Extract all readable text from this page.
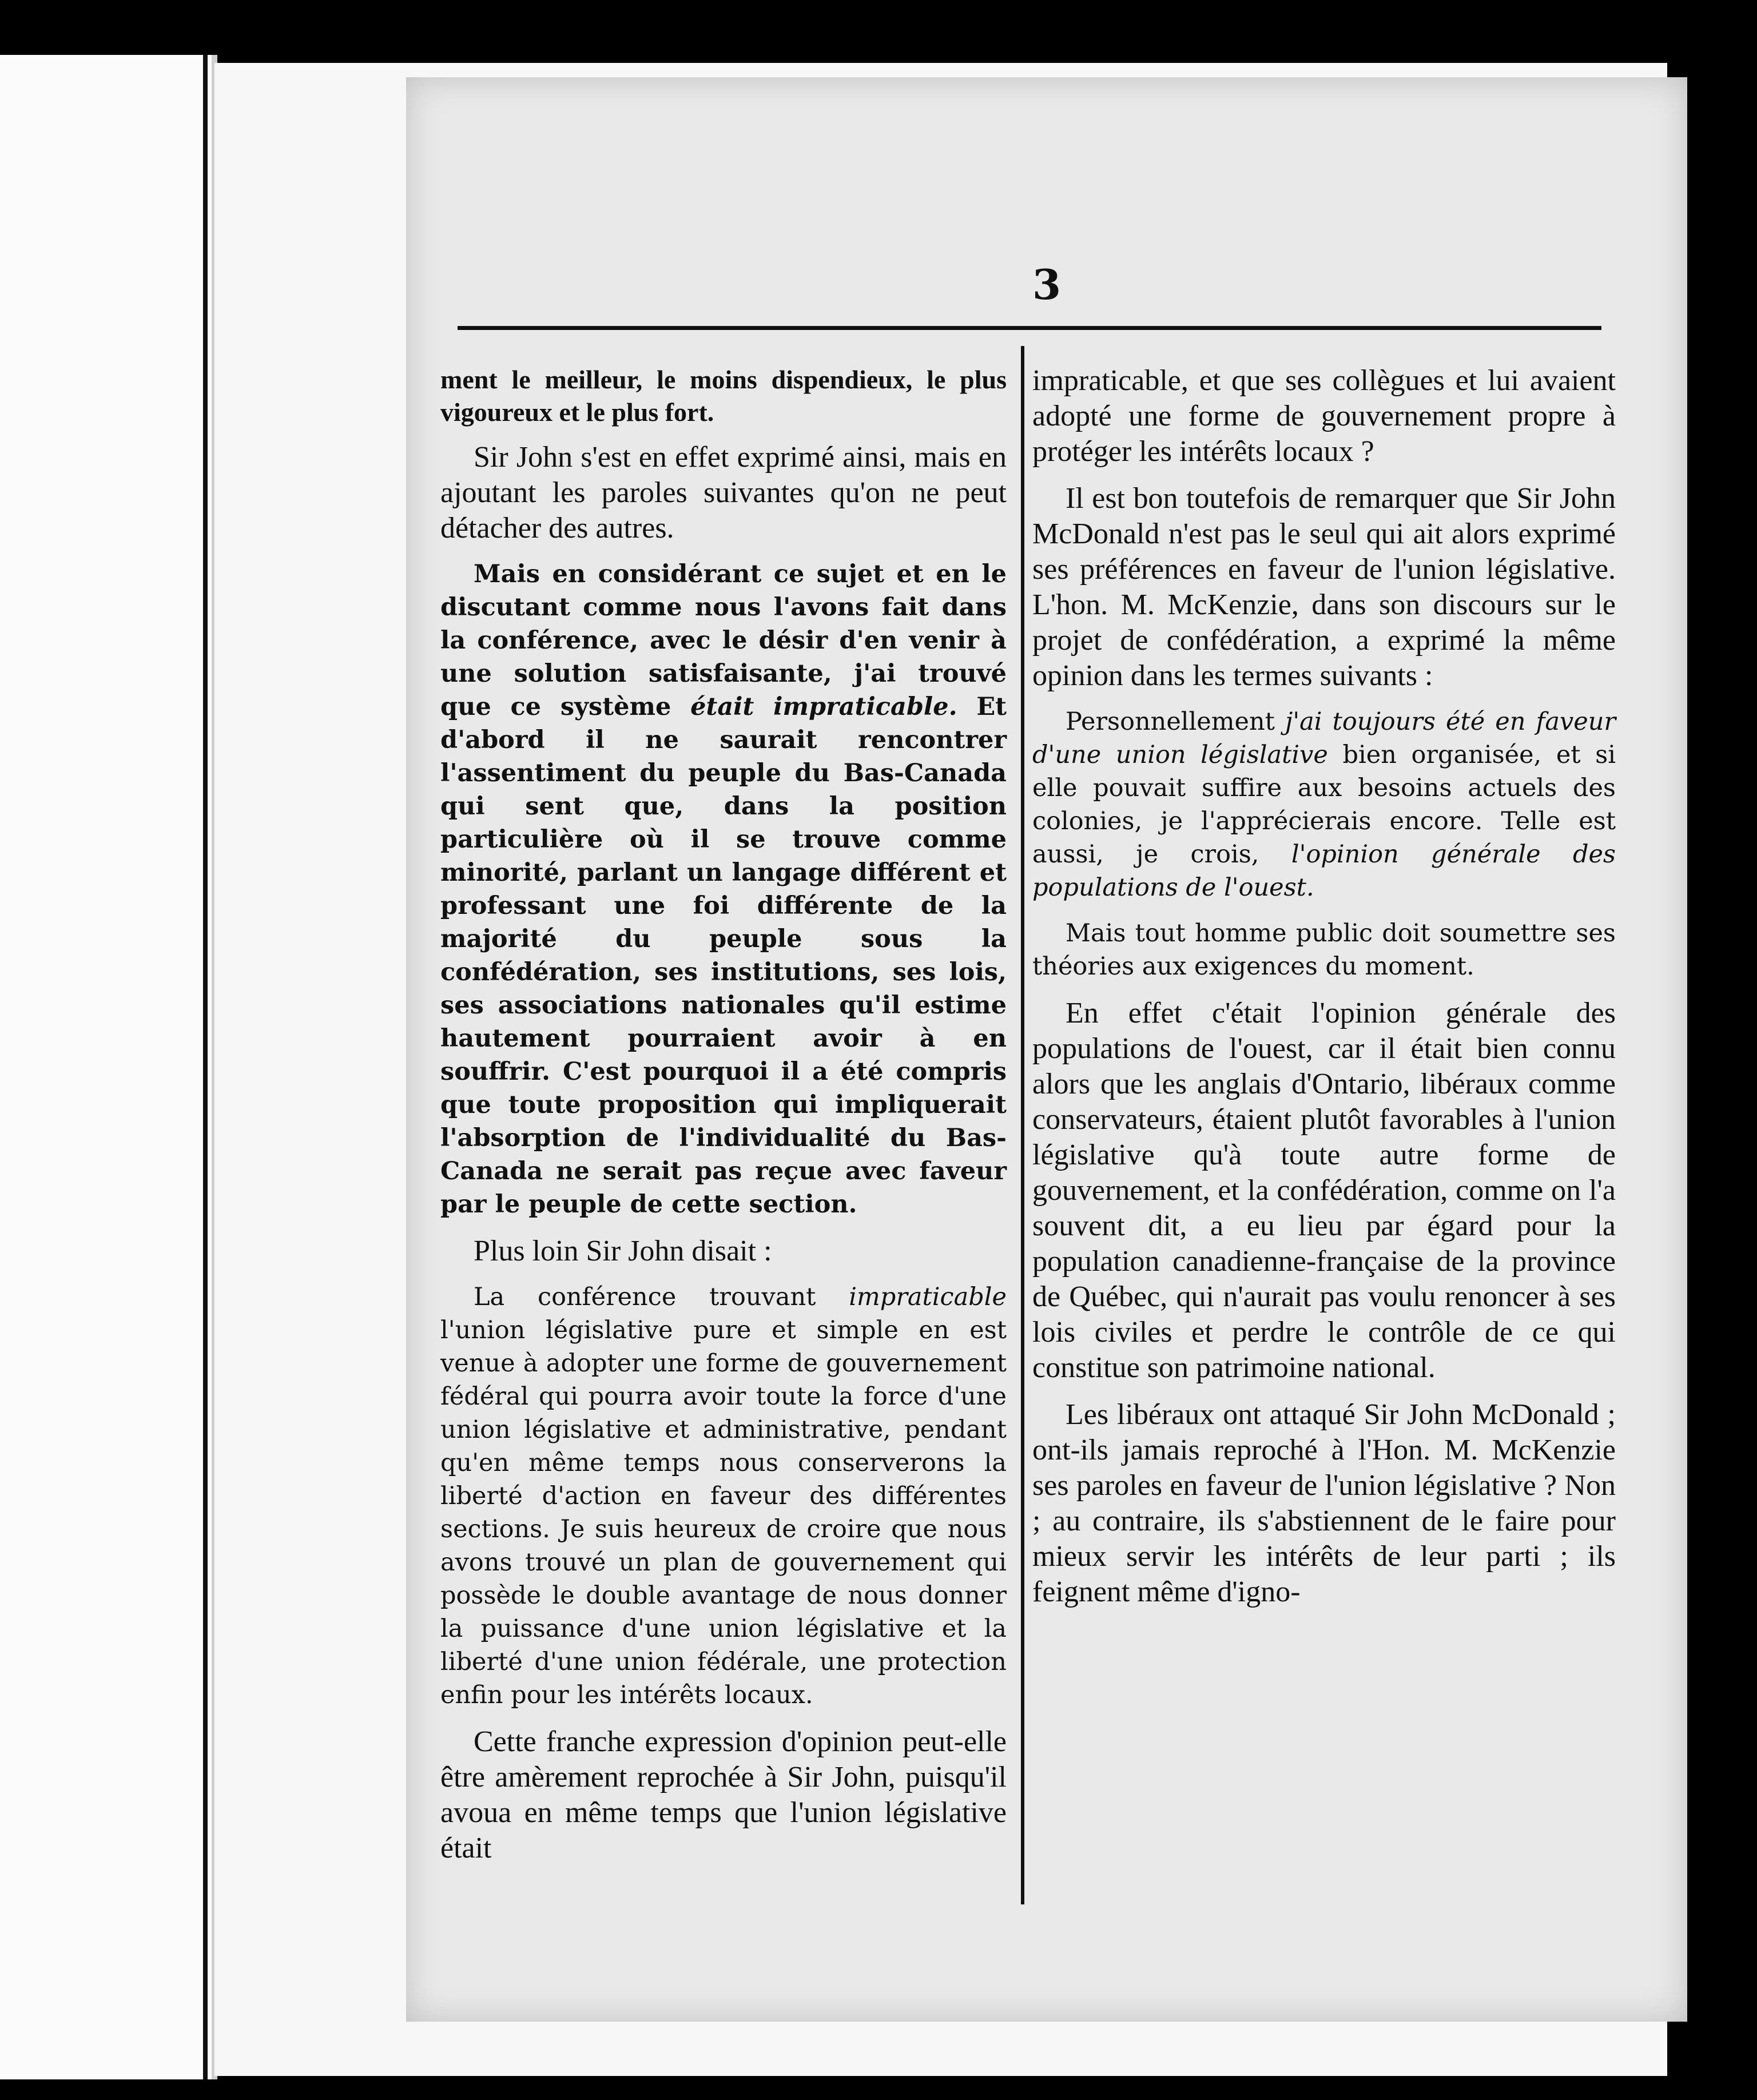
3

ment le meilleur, le moins dispendieux, le plus vigoureux et le plus fort.

Sir John s'est en effet exprimé ainsi, mais en ajoutant les paroles suivantes qu'on ne peut détacher des autres.

Mais en considérant ce sujet et en le discutant comme nous l'avons fait dans la conférence, avec le désir d'en venir à une solution satisfaisante, j'ai trouvé que ce système était impraticable. Et d'abord il ne saurait rencontrer l'assentiment du peuple du Bas-Canada qui sent que, dans la position particulière où il se trouve comme minorité, parlant un langage différent et professant une foi différente de la majorité du peuple sous la confédération, ses institutions, ses lois, ses associations nationales qu'il estime hautement pourraient avoir à en souffrir. C'est pourquoi il a été compris que toute proposition qui impliquerait l'absorption de l'individualité du Bas-Canada ne serait pas reçue avec faveur par le peuple de cette section.

Plus loin Sir John disait :

La conférence trouvant impraticable l'union législative pure et simple en est venue à adopter une forme de gouvernement fédéral qui pourra avoir toute la force d'une union législative et administrative, pendant qu'en même temps nous conserverons la liberté d'action en faveur des différentes sections. Je suis heureux de croire que nous avons trouvé un plan de gouvernement qui possède le double avantage de nous donner la puissance d'une union législative et la liberté d'une union fédérale, une protection enfin pour les intérêts locaux.

Cette franche expression d'opinion peut-elle être amèrement reprochée à Sir John, puisqu'il avoua en même temps que l'union législative était

impraticable, et que ses collègues et lui avaient adopté une forme de gouvernement propre à protéger les intérêts locaux ?

Il est bon toutefois de remarquer que Sir John McDonald n'est pas le seul qui ait alors exprimé ses préférences en faveur de l'union législative. L'hon. M. McKenzie, dans son discours sur le projet de confédération, a exprimé la même opinion dans les termes suivants :

Personnellement j'ai toujours été en faveur d'une union législative bien organisée, et si elle pouvait suffire aux besoins actuels des colonies, je l'apprécierais encore. Telle est aussi, je crois, l'opinion générale des populations de l'ouest.

Mais tout homme public doit soumettre ses théories aux exigences du moment.

En effet c'était l'opinion générale des populations de l'ouest, car il était bien connu alors que les anglais d'Ontario, libéraux comme conservateurs, étaient plutôt favorables à l'union législative qu'à toute autre forme de gouvernement, et la confédération, comme on l'a souvent dit, a eu lieu par égard pour la population canadienne-française de la province de Québec, qui n'aurait pas voulu renoncer à ses lois civiles et perdre le contrôle de ce qui constitue son patrimoine national.

Les libéraux ont attaqué Sir John McDonald ; ont-ils jamais reproché à l'Hon. M. McKenzie ses paroles en faveur de l'union législative ? Non ; au contraire, ils s'abstiennent de le faire pour mieux servir les intérêts de leur parti ; ils feignent même d'igno-
